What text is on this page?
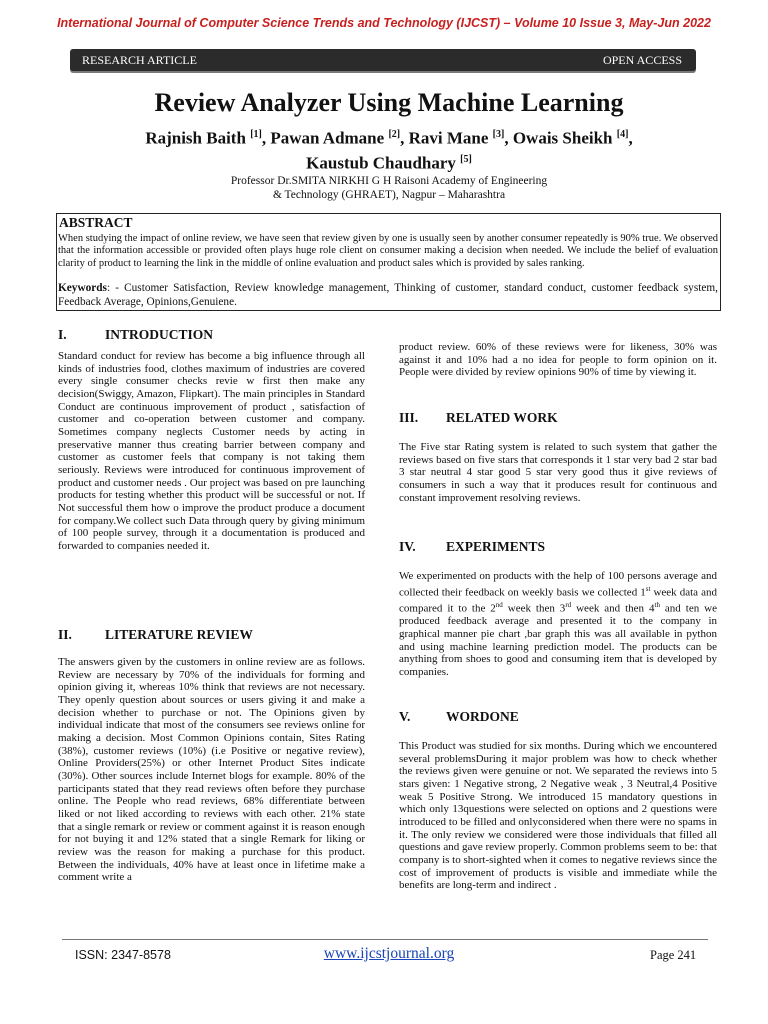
International Journal of Computer Science Trends and Technology (IJCST) – Volume 10 Issue 3, May-Jun 2022
RESEARCH ARTICLE	OPEN ACCESS
Review Analyzer Using Machine Learning
Rajnish Baith [1], Pawan Admane [2], Ravi Mane [3], Owais Sheikh [4],
Kaustub Chaudhary [5]
Professor Dr.SMITA NIRKHI G H Raisoni Academy of Engineering
& Technology (GHRAET), Nagpur – Maharashtra
ABSTRACT
When studying the impact of online review, we have seen that review given by one is usually seen by another consumer repeatedly is 90% true. We observed that the information accessible or provided often plays huge role client on consumer making a decision when needed. We include the belief of evaluation clarity of product to learning the link in the middle of online evaluation and product sales which is provided by sales ranking.
Keywords: - Customer Satisfaction, Review knowledge management, Thinking of customer, standard conduct, customer feedback system, Feedback Average, Opinions,Genuiene.
I.	INTRODUCTION
Standard conduct for review has become a big influence through all kinds of industries food, clothes maximum of industries are covered every single consumer checks revie w first then make any decision(Swiggy, Amazon, Flipkart). The main principles in Standard Conduct are continuous improvement of product , satisfaction of customer and co-operation between customer and company. Sometimes company neglects Customer needs by acting in preservative manner thus creating barrier between company and customer as customer feels that company is not taking them seriously. Reviews were introduced for continuous improvement of product and customer needs . Our project was based on pre launching products for testing whether this product will be successful or not. If Not successful them how o improve the product produce a document for company.We collect such Data through query by giving minimum of 100 people survey, through it a documentation is produced and forwarded to companies needed it.
II. LITERATURE REVIEW
The answers given by the customers in online review are as follows. Review are necessary by 70% of the individuals for forming and opinion giving it, whereas 10% think that reviews are not necessary. They openly question about sources or users giving it and make a decision whether to purchase or not. The Opinions given by individual indicate that most of the consumers see reviews online for making a decision. Most Common Opinions contain, Sites Rating (38%), customer reviews (10%) (i.e Positive or negative review), Online Providers(25%) or other Internet Product Sites indicate (30%). Other sources include Internet blogs for example. 80% of the participants stated that they read reviews often before they purchase online. The People who read reviews, 68% differentiate between liked or not liked according to reviews with each other. 21% state that a single remark or review or comment against it is reason enough for not buying it and 12% stated that a single Remark for liking or review was the reason for making a purchase for this product. Between the individuals, 40% have at least once in lifetime make a comment write a
product review. 60% of these reviews were for likeness, 30% was against it and 10% had a no idea for people to form opinion on it. People were divided by review opinions 90% of time by viewing it.
III. RELATED WORK
The Five star Rating system is related to such system that gather the reviews based on five stars that corresponds it 1 star very bad 2 star bad 3 star neutral 4 star good 5 star very good thus it give reviews of consumers in such a way that it produces result for continuous and constant improvement resolving reviews.
IV. EXPERIMENTS
We experimented on products with the help of 100 persons average and collected their feedback on weekly basis we collected 1st week data and compared it to the 2nd week then 3rd week and then 4th and ten we produced feedback average and presented it to the company in graphical manner pie chart ,bar graph this was all available in python and using machine learning prediction model. The products can be anything from shoes to good and consuming item that is developed by companies.
V.	WORDONE
This Product was studied for six months. During which we encountered several problemsDuring it major problem was how to check whether the reviews given were genuine or not. We separated the reviews into 5 stars given: 1 Negative strong, 2 Negative weak , 3 Neutral,4 Positive weak 5 Positive Strong. We introduced 15 mandatory questions in which only 13questions were selected on options and 2 questions were introduced to be filled and onlyconsidered when there were no spams in it. The only review we considered were those individuals that filled all questions and gave review properly. Common problems seem to be: that company is to short-sighted when it comes to negative reviews since the cost of improvement of products is visible and immediate while the benefits are long-term and indirect .
ISSN: 2347-8578	www.ijcstjournal.org	Page 241
